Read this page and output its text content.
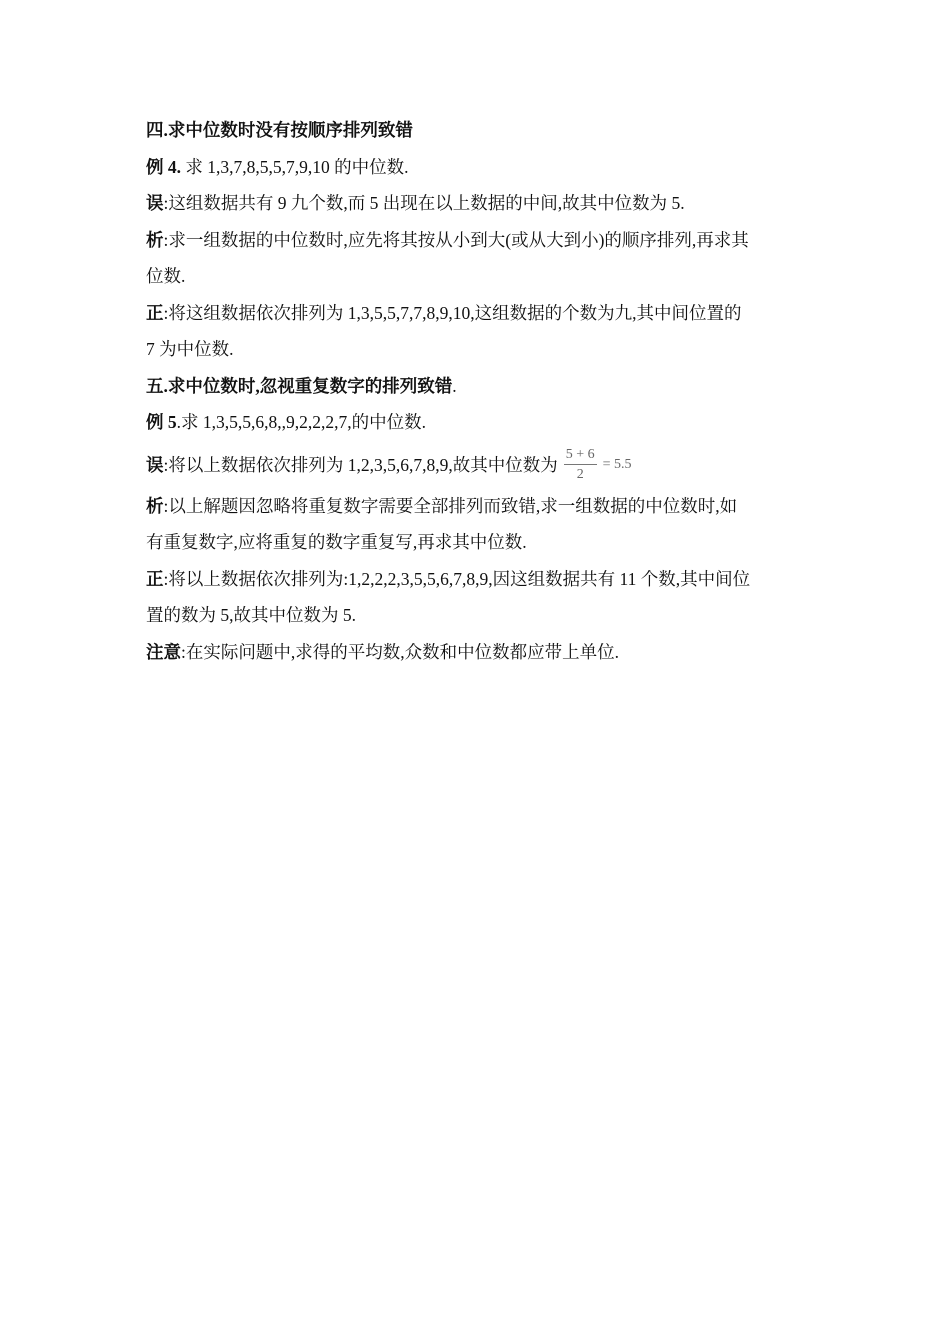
四.求中位数时没有按顺序排列致错
例 4. 求 1,3,7,8,5,5,7,9,10 的中位数.
误:这组数据共有 9 九个数,而 5 出现在以上数据的中间,故其中位数为 5.
析:求一组数据的中位数时,应先将其按从小到大(或从大到小)的顺序排列,再求其
位数.
正:将这组数据依次排列为 1,3,5,5,7,7,8,9,10,这组数据的个数为九,其中间位置的
7 为中位数.
五.求中位数时,忽视重复数字的排列致错.
例 5.求 1,3,5,5,6,8,,9,2,2,2,7,的中位数.
误 :将以上数据依次排列为 1,2,3,5,6,7,8,9,故其中位数为 $\frac{5 + 6}{2} = 5.5$
析:以上解题因忽略将重复数字需要全部排列而致错,求一组数据的中位数时,如
有重复数字,应将重复的数字重复写,再求其中位数.
正:将以上数据依次排列为:1,2,2,2,3,5,5,6,7,8,9,因这组数据共有 11 个数,其中间位
置的数为 5,故其中位数为 5.
注意:在实际问题中,求得的平均数,众数和中位数都应带上单位.
